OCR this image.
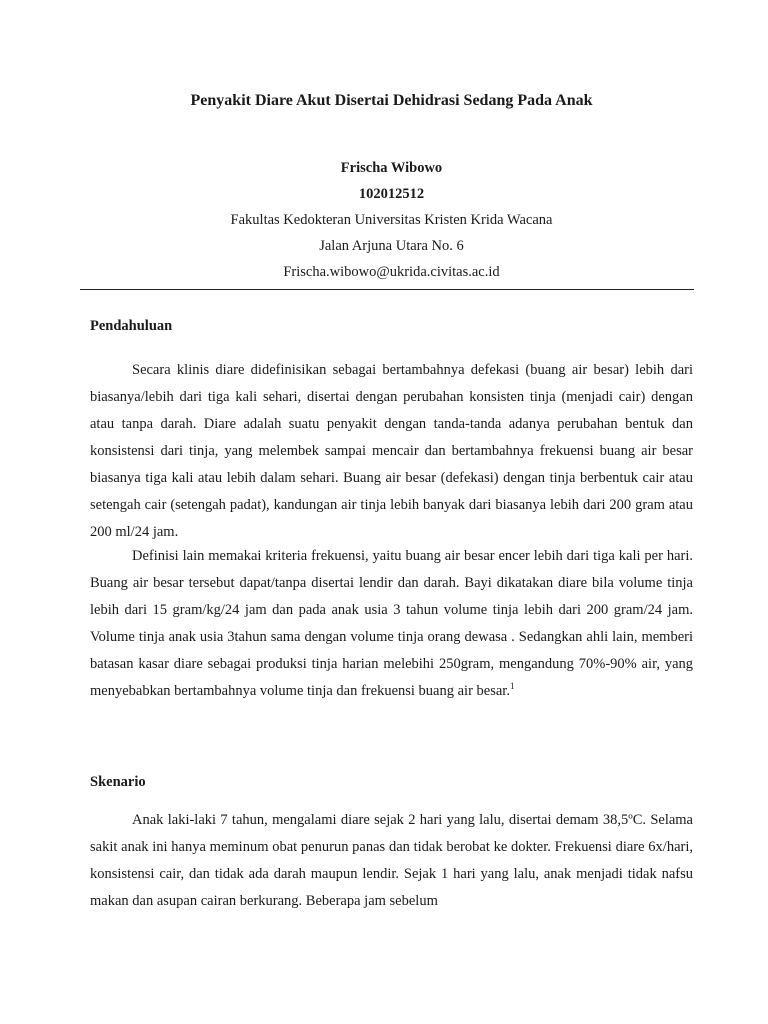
Penyakit Diare Akut Disertai Dehidrasi Sedang Pada Anak
Frischa Wibowo
102012512
Fakultas Kedokteran Universitas Kristen Krida Wacana
Jalan Arjuna Utara No. 6
Frischa.wibowo@ukrida.civitas.ac.id
Pendahuluan

Secara klinis diare didefinisikan sebagai bertambahnya defekasi (buang air besar) lebih dari biasanya/lebih dari tiga kali sehari, disertai dengan perubahan konsisten tinja (menjadi cair) dengan atau tanpa darah. Diare adalah suatu penyakit dengan tanda-tanda adanya perubahan bentuk dan konsistensi dari tinja, yang melembek sampai mencair dan bertambahnya frekuensi buang air besar biasanya tiga kali atau lebih dalam sehari. Buang air besar (defekasi) dengan tinja berbentuk cair atau setengah cair (setengah padat), kandungan air tinja lebih banyak dari biasanya lebih dari 200 gram atau 200 ml/24 jam.

Definisi lain memakai kriteria frekuensi, yaitu buang air besar encer lebih dari tiga kali per hari. Buang air besar tersebut dapat/tanpa disertai lendir dan darah. Bayi dikatakan diare bila volume tinja lebih dari 15 gram/kg/24 jam dan pada anak usia 3 tahun volume tinja lebih dari 200 gram/24 jam. Volume tinja anak usia 3tahun sama dengan volume tinja orang dewasa . Sedangkan ahli lain, memberi batasan kasar diare sebagai produksi tinja harian melebihi 250gram, mengandung 70%-90% air, yang menyebabkan bertambahnya volume tinja dan frekuensi buang air besar.$^1$

Skenario

Anak laki-laki 7 tahun, mengalami diare sejak 2 hari yang lalu, disertai demam 38,5ºC. Selama sakit anak ini hanya meminum obat penurun panas dan tidak berobat ke dokter. Frekuensi diare 6x/hari, konsistensi cair, dan tidak ada darah maupun lendir. Sejak 1 hari yang lalu, anak menjadi tidak nafsu makan dan asupan cairan berkurang. Beberapa jam sebelum
